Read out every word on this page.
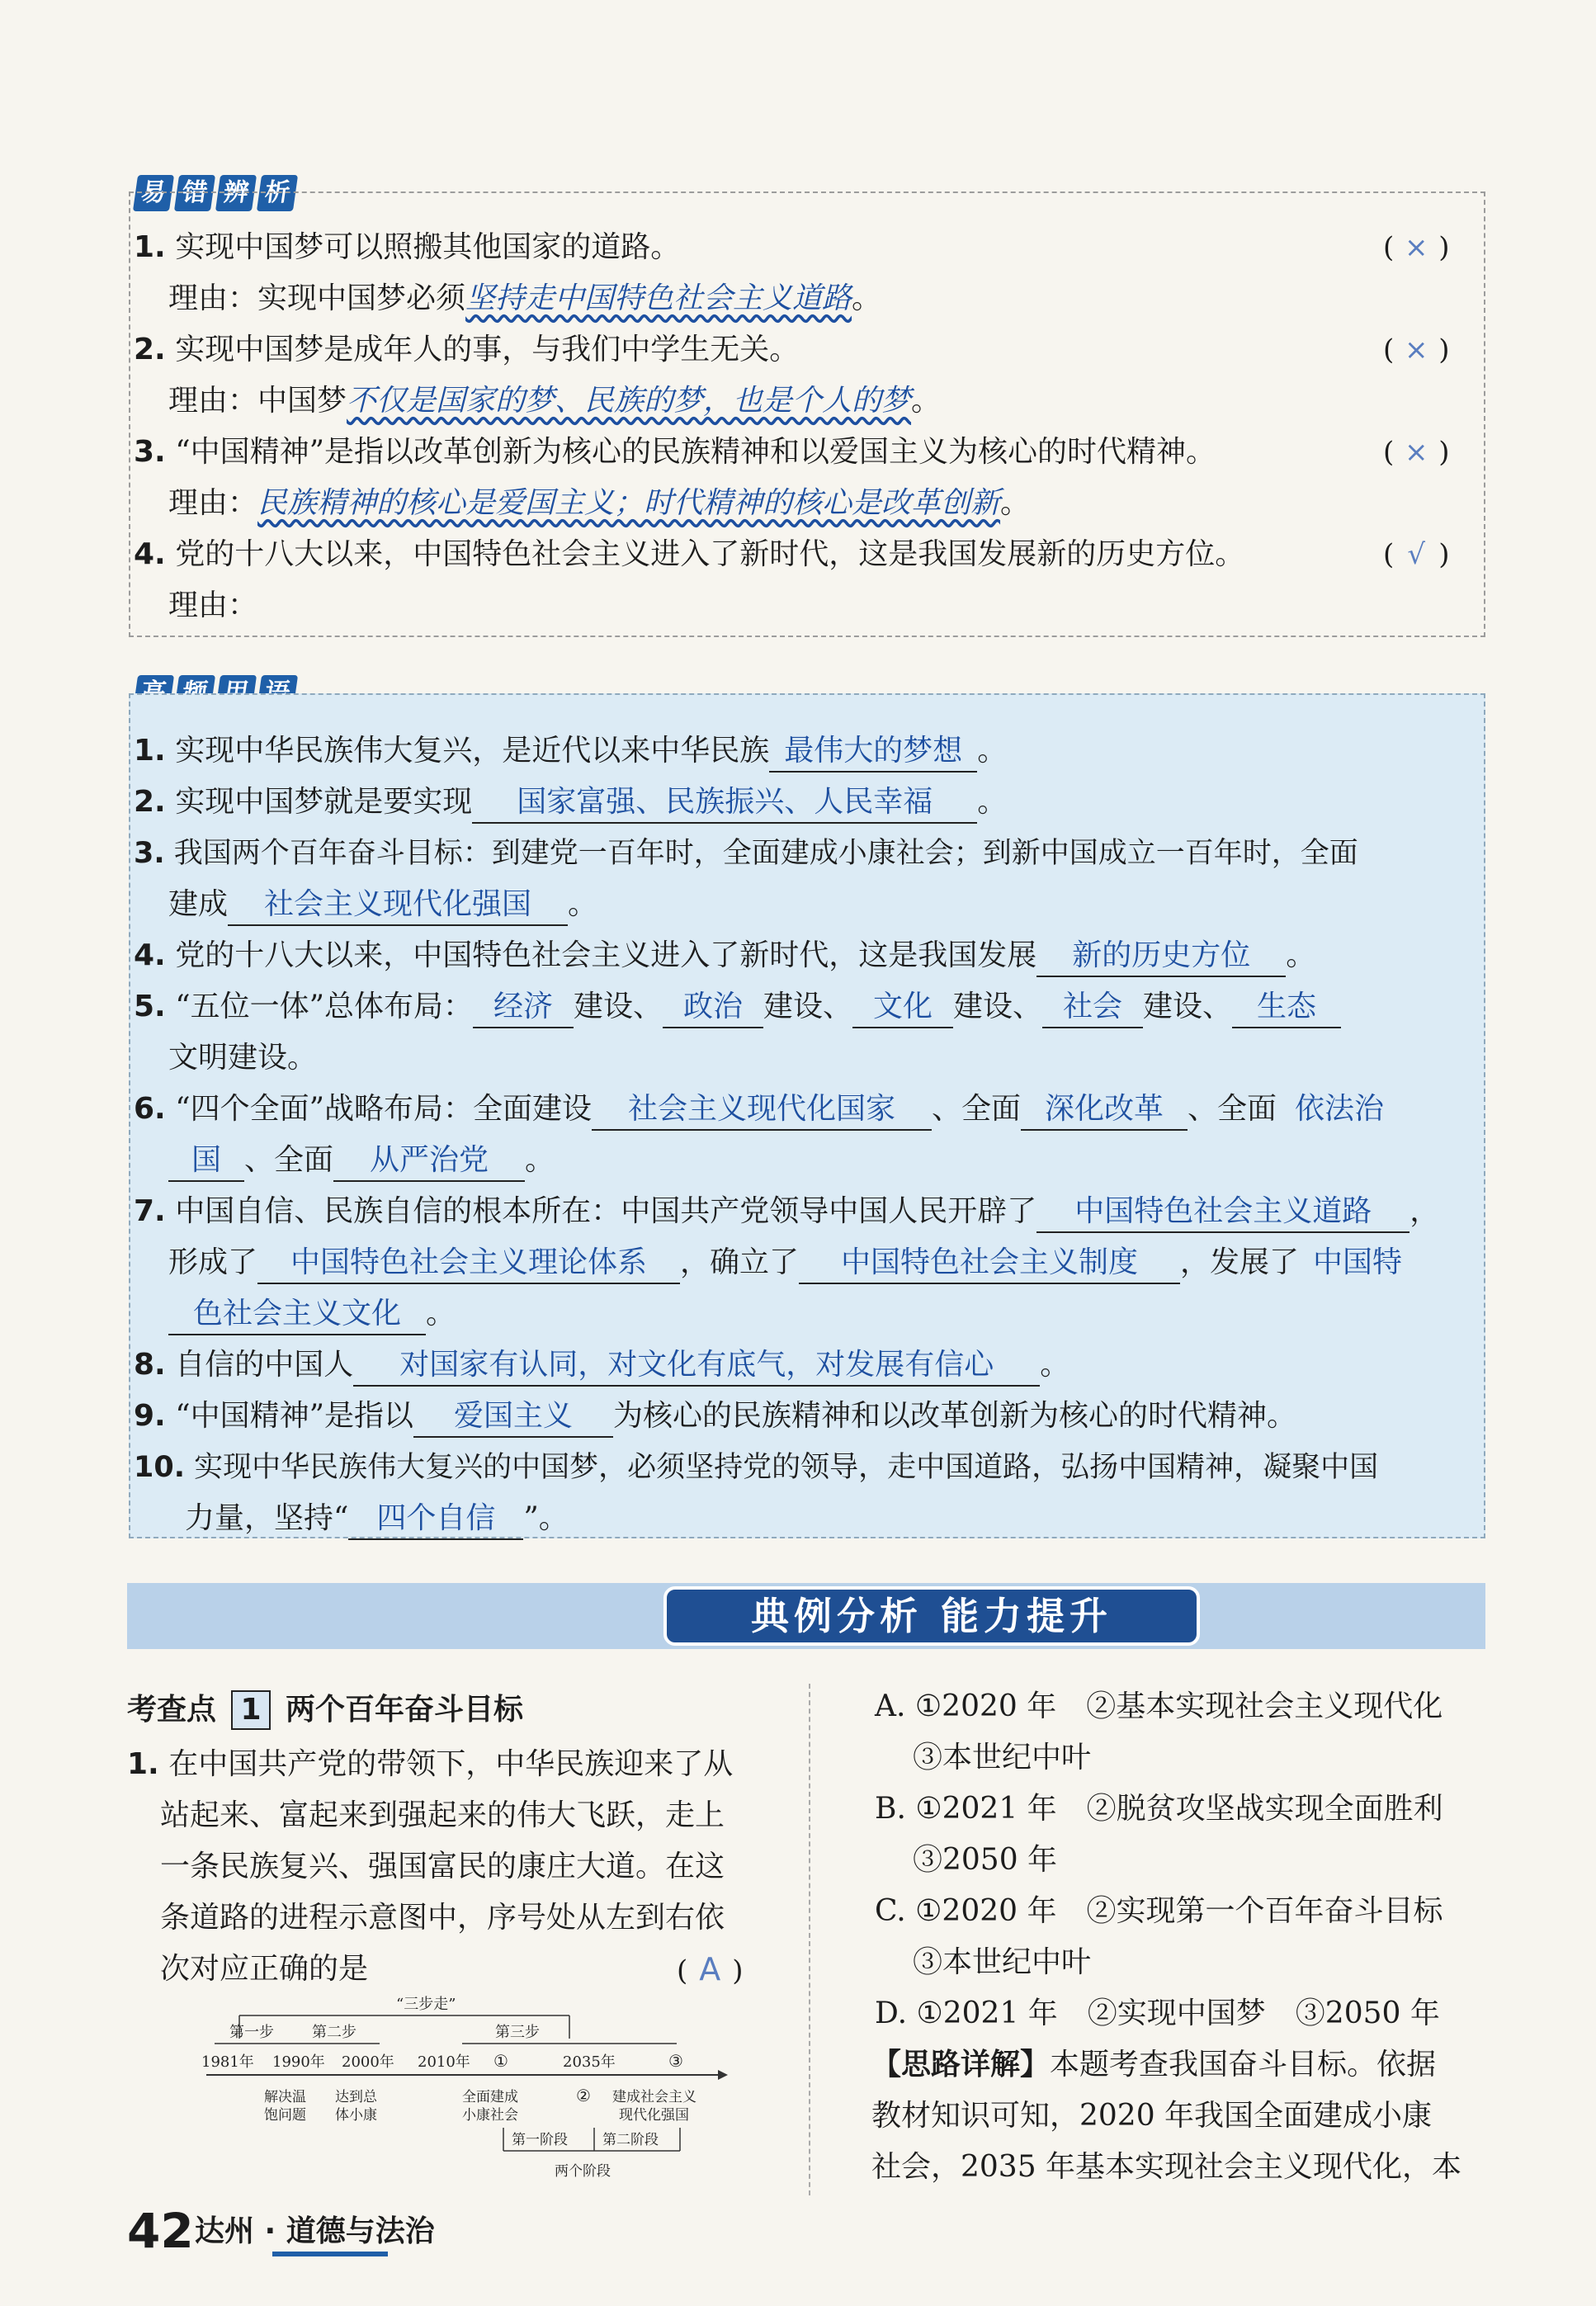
易 错 辨 析
1. 实现中国梦可以照搬其他国家的道路。	( × )
理由：实现中国梦必须坚持走中国特色社会主义道路。
2. 实现中国梦是成年人的事，与我们中学生无关。	( × )
理由：中国梦不仅是国家的梦、民族的梦，也是个人的梦。
3. “中国精神”是指以改革创新为核心的民族精神和以爱国主义为核心的时代精神。	( × )
理由：民族精神的核心是爱国主义；时代精神的核心是改革创新。
4. 党的十八大以来，中国特色社会主义进入了新时代，这是我国发展新的历史方位。	( √ )
理由：
1. 实现中华民族伟大复兴，是近代以来中华民族 最伟大的梦想 。
2. 实现中国梦就是要实现 国家富强、民族振兴、人民幸福 。
3. 我国两个百年奋斗目标：到建党一百年时，全面建成小康社会；到新中国成立一百年时，全面
建成 社会主义现代化强国 。
4. 党的十八大以来，中国特色社会主义进入了新时代，这是我国发展 新的历史方位 。
5. “五位一体”总体布局： 经济 建设、 政治 建设、 文化 建设、 社会 建设、 生态
文明建设。
6. “四个全面”战略布局：全面建设 社会主义现代化国家 、全面 深化改革 、全面 依法治
国 、全面 从严治党 。
7. 中国自信、民族自信的根本所在：中国共产党领导中国人民开辟了 中国特色社会主义道路 ，
形成了 中国特色社会主义理论体系 ，确立了 中国特色社会主义制度 ，发展了 中国特
色社会主义文化 。
8. 自信的中国人 对国家有认同，对文化有底气，对发展有信心 。
9. “中国精神”是指以 爱国主义 为核心的民族精神和以改革创新为核心的时代精神。
10. 实现中华民族伟大复兴的中国梦，必须坚持党的领导，走中国道路，弘扬中国精神，凝聚中国
力量，坚持“ 四个自信 ”。
典例分析 能力提升
考查点 1 两个百年奋斗目标
1. 在中国共产党的带领下，中华民族迎来了从
站起来、富起来到强起来的伟大飞跃，走上
一条民族复兴、强国富民的康庄大道。在这
条道路的进程示意图中，序号处从左到右依
次对应正确的是	( A )
“三步走”
第一步	第二步	第三步
1981年 1990年 2000年 2010年 ①	2035年	③
解决温
饱问题
达到总
体小康
全面建成
小康社会
② 建成社会主义
现代化强国
第一阶段 第二阶段
两个阶段
A. ①2020 年　②基本实现社会主义现代化
③本世纪中叶
B. ①2021 年　②脱贫攻坚战实现全面胜利
③2050 年
C. ①2020 年　②实现第一个百年奋斗目标
③本世纪中叶
D. ①2021 年　②实现中国梦　③2050 年
【思路详解】本题考查我国奋斗目标。依据
教材知识可知，2020 年我国全面建成小康
社会，2035 年基本实现社会主义现代化，本
42 达州 · 道德与法治
